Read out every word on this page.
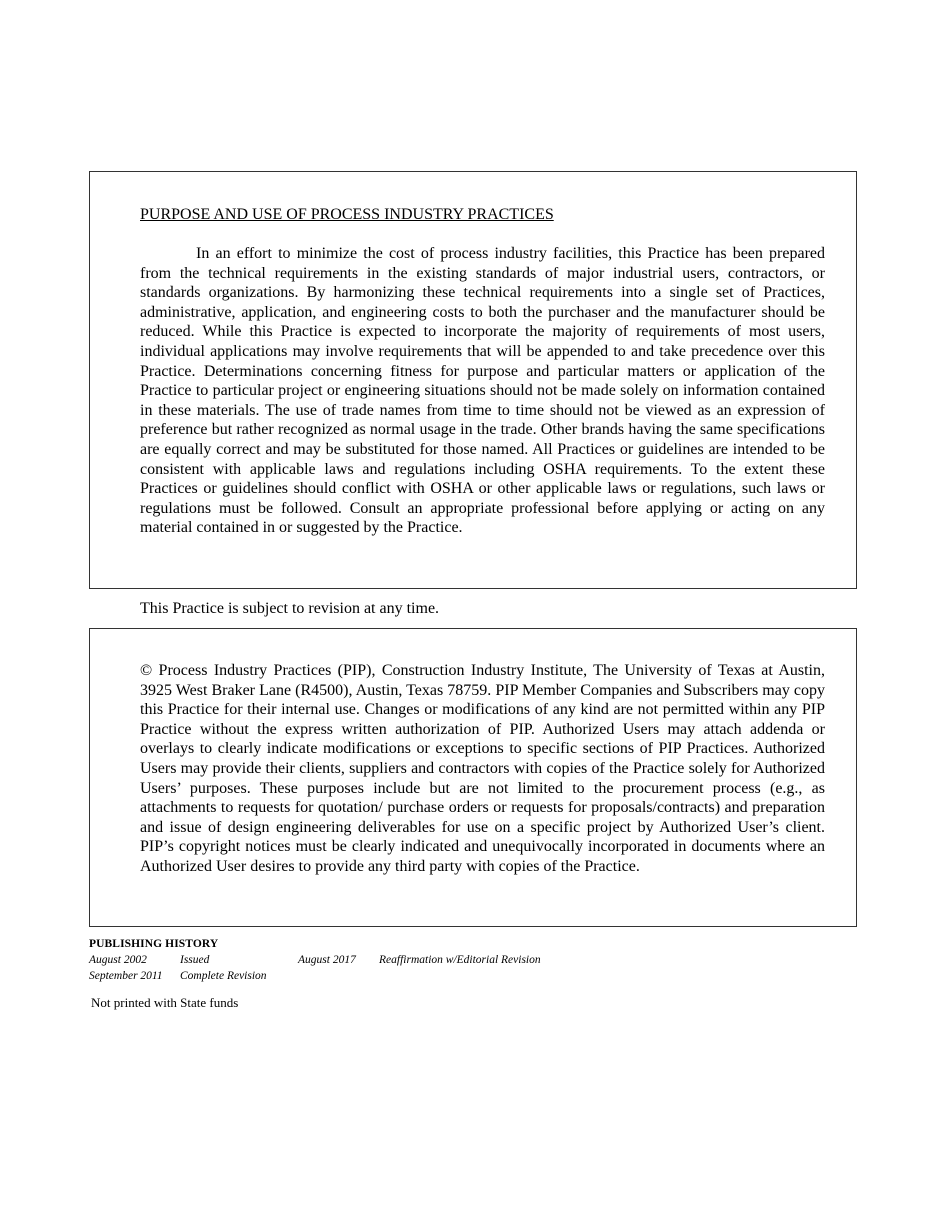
PURPOSE AND USE OF PROCESS INDUSTRY PRACTICES

In an effort to minimize the cost of process industry facilities, this Practice has been prepared from the technical requirements in the existing standards of major industrial users, contractors, or standards organizations. By harmonizing these technical requirements into a single set of Practices, administrative, application, and engineering costs to both the purchaser and the manufacturer should be reduced. While this Practice is expected to incorporate the majority of requirements of most users, individual applications may involve requirements that will be appended to and take precedence over this Practice. Determinations concerning fitness for purpose and particular matters or application of the Practice to particular project or engineering situations should not be made solely on information contained in these materials. The use of trade names from time to time should not be viewed as an expression of preference but rather recognized as normal usage in the trade. Other brands having the same specifications are equally correct and may be substituted for those named. All Practices or guidelines are intended to be consistent with applicable laws and regulations including OSHA requirements. To the extent these Practices or guidelines should conflict with OSHA or other applicable laws or regulations, such laws or regulations must be followed. Consult an appropriate professional before applying or acting on any material contained in or suggested by the Practice.

This Practice is subject to revision at any time.

© Process Industry Practices (PIP), Construction Industry Institute, The University of Texas at Austin, 3925 West Braker Lane (R4500), Austin, Texas 78759. PIP Member Companies and Subscribers may copy this Practice for their internal use. Changes or modifications of any kind are not permitted within any PIP Practice without the express written authorization of PIP. Authorized Users may attach addenda or overlays to clearly indicate modifications or exceptions to specific sections of PIP Practices. Authorized Users may provide their clients, suppliers and contractors with copies of the Practice solely for Authorized Users’ purposes. These purposes include but are not limited to the procurement process (e.g., as attachments to requests for quotation/ purchase orders or requests for proposals/contracts) and preparation and issue of design engineering deliverables for use on a specific project by Authorized User’s client. PIP’s copyright notices must be clearly indicated and unequivocally incorporated in documents where an Authorized User desires to provide any third party with copies of the Practice.

PUBLISHING HISTORY
August 2002	Issued	August 2017 Reaffirmation w/Editorial Revision
September 2011 Complete Revision
Not printed with State funds
